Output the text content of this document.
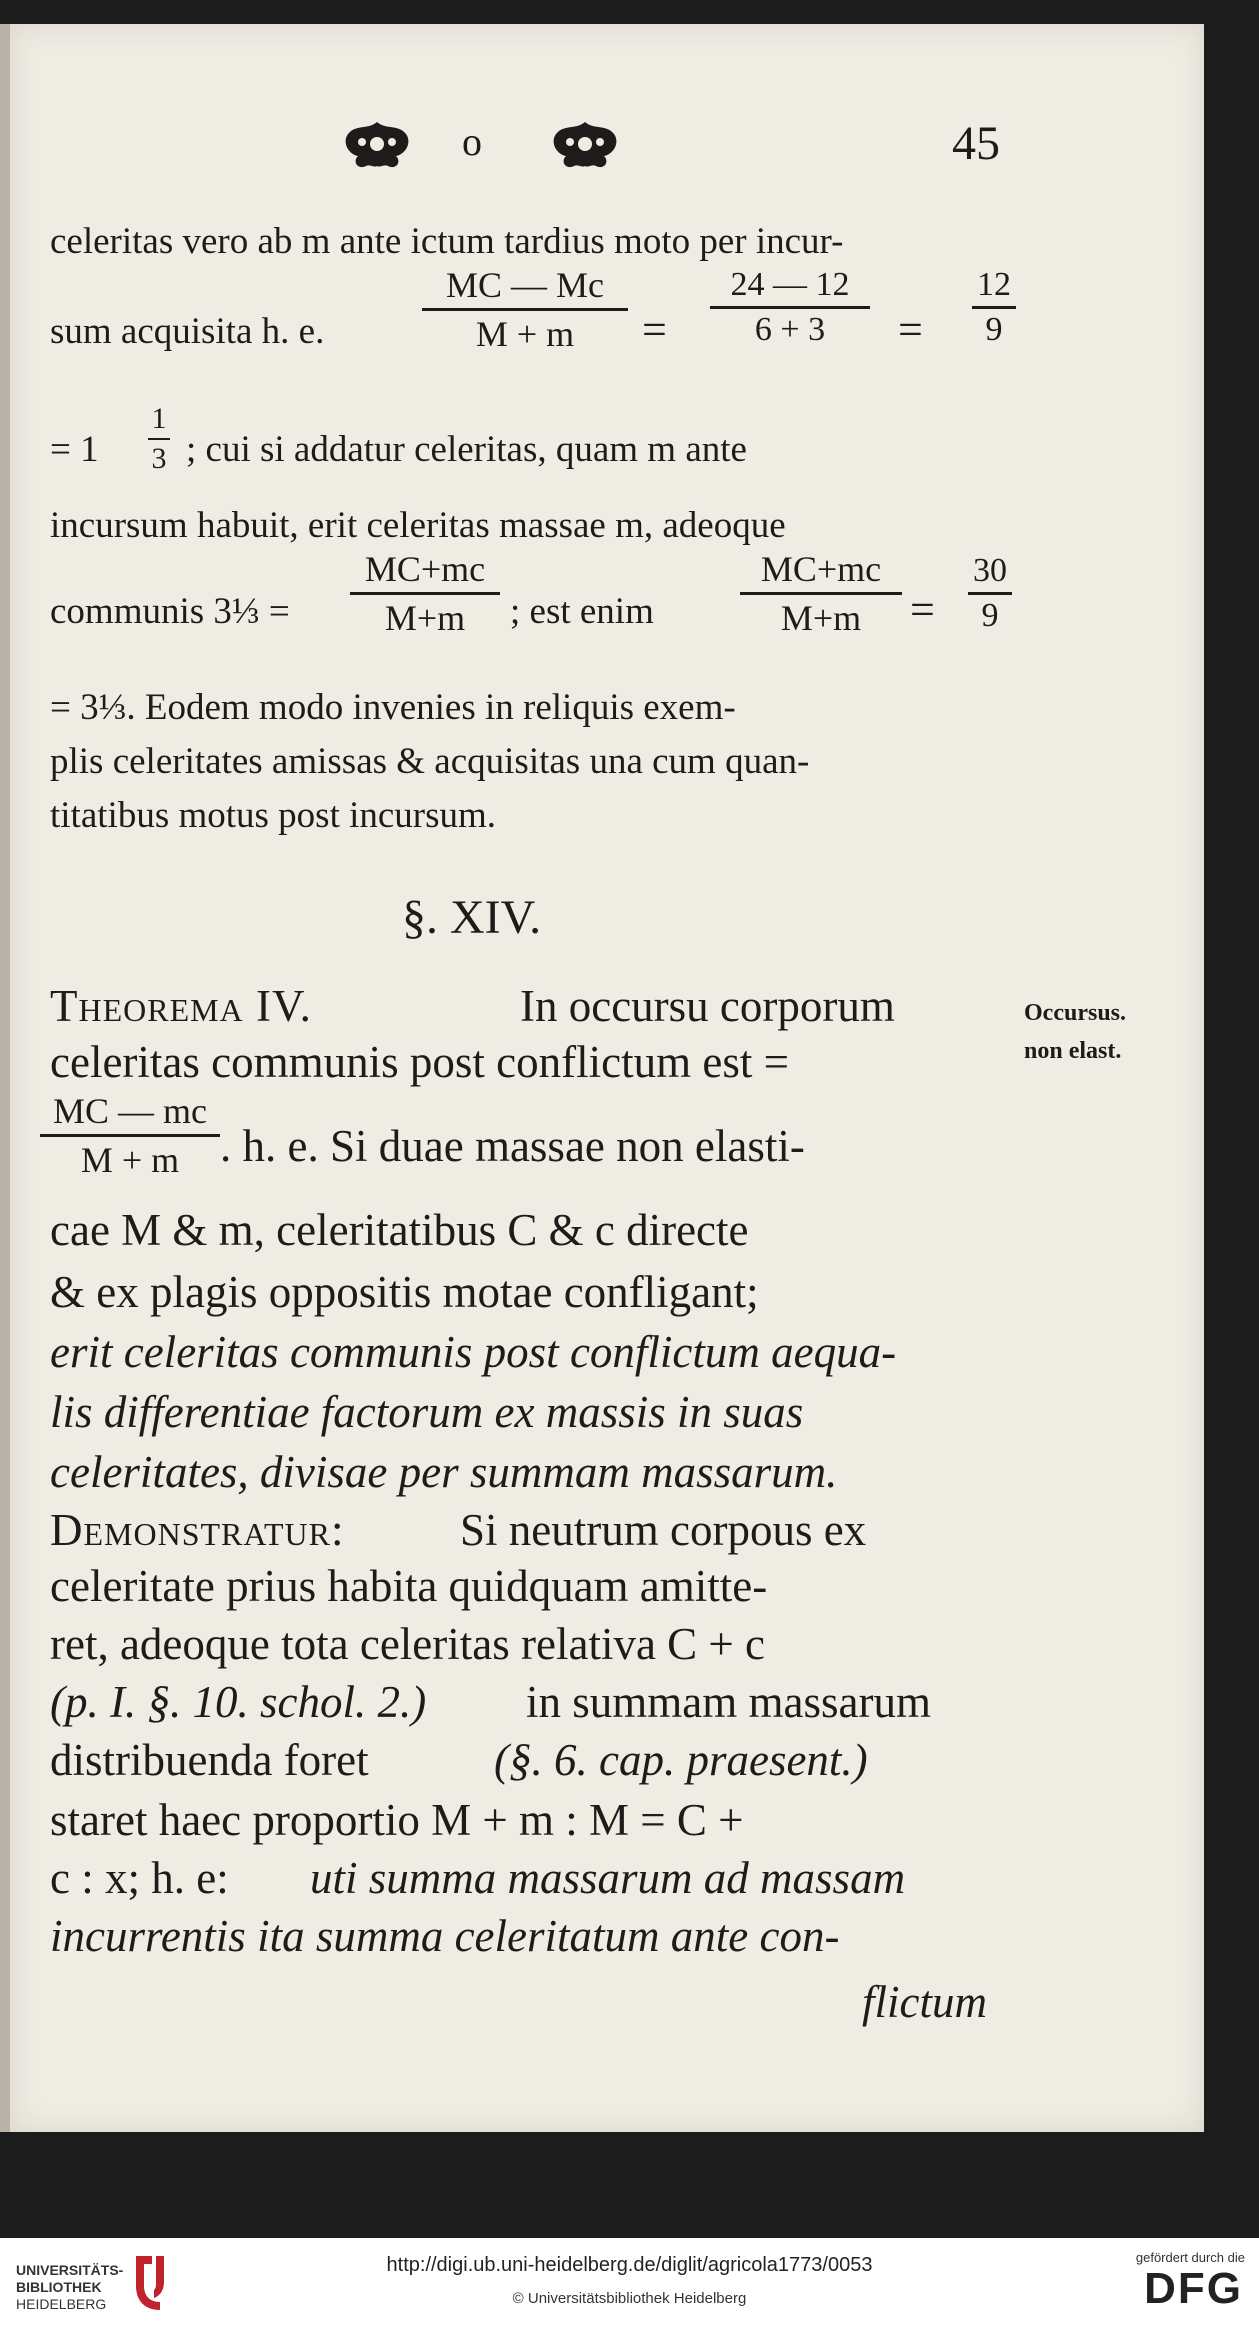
o	45
celeritas vero ab m ante ictum tardius moto per incur-
sum acquisita h. e.
MC — Mc
M + m	=
24 — 12
6 + 3	=
12
9
= 1
1
3 ; cui si addatur celeritas, quam m ante
incursum habuit, erit celeritas massae m, adeoque
communis 3⅓ =
MC+mc
M+m	; est enim
MC+mc
M+m	=
30
9
= 3⅓. Eodem modo invenies in reliquis exem-
plis celeritates amissas & acquisitas una cum quan-
titatibus motus post incursum.
§. XIV.
Theorema IV.	In occursu corporum
celeritas communis post conflictum est =
MC — mc
M + m . h. e. Si duae massae non elasti-
cae M & m, celeritatibus C & c directe
& ex plagis oppositis motae confligant;
erit celeritas communis post conflictum aequa-
lis differentiae factorum ex massis in suas
celeritates, divisae per summam massarum.
Demonstratur:	Si neutrum corpous ex
celeritate prius habita quidquam amitte-
ret, adeoque tota celeritas relativa C + c
(p. I. §. 10. schol. 2.) in summam massarum
distribuenda foret	(§. 6. cap. praesent.)
staret haec proportio M + m : M = C +
c : x; h. e: uti summa massarum ad massam
incurrentis ita summa celeritatum ante con-
flictum
Occursus.
non elast.
UNIVERSITÄTS-
BIBLIOTHEK
HEIDELBERG
http://digi.ub.uni-heidelberg.de/diglit/agricola1773/0053
© Universitätsbibliothek Heidelberg
gefördert durch die
DFG
